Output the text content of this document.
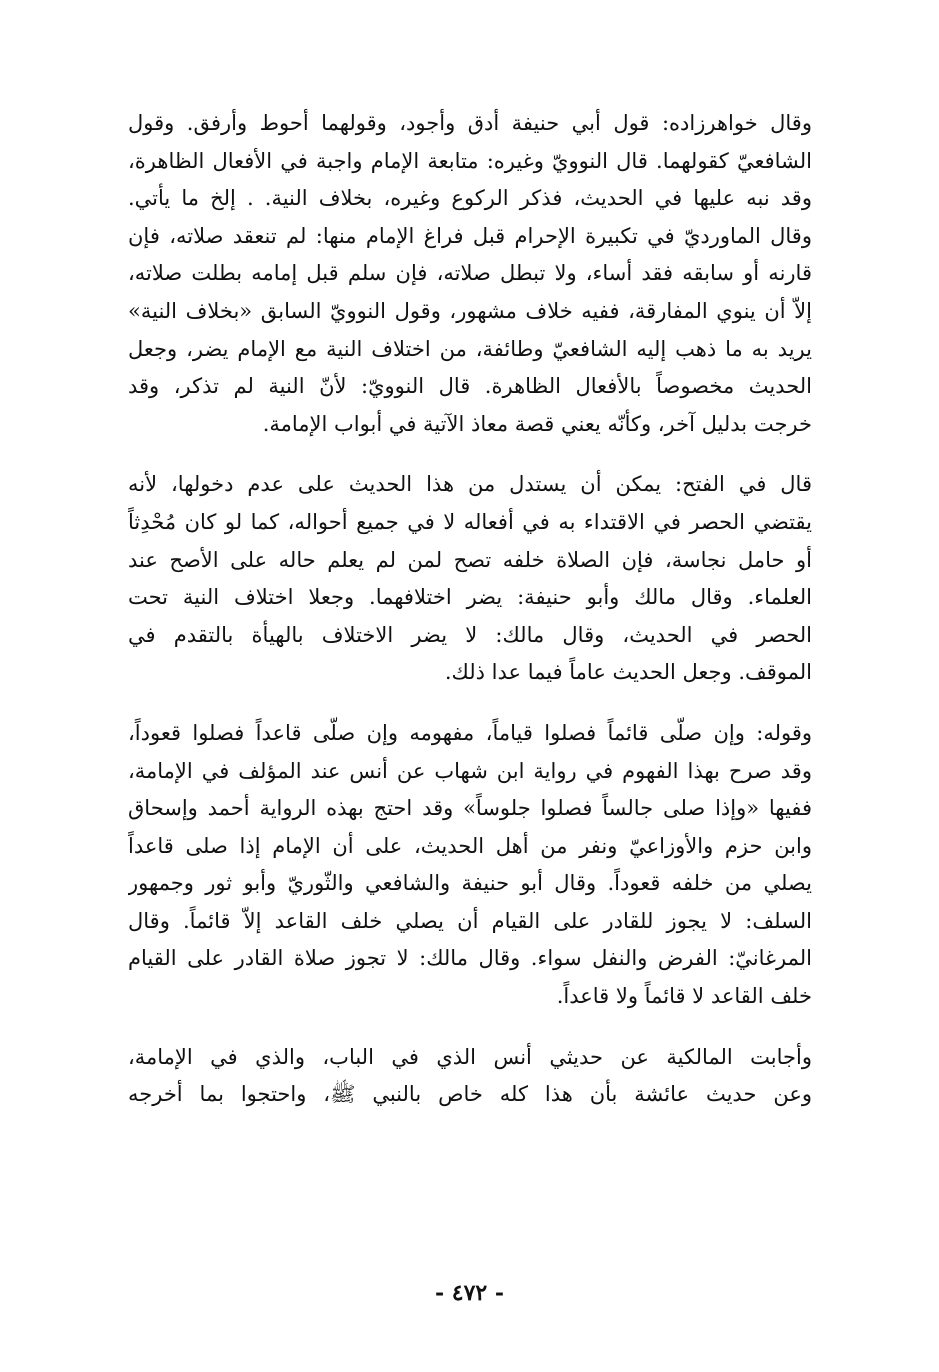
وقال خواهرزاده: قول أبي حنيفة أدق وأجود، وقولهما أحوط وأرفق. وقول
الشافعيّ كقولهما. قال النوويّ وغيره: متابعة الإمام واجبة في الأفعال الظاهرة،
وقد نبه عليها في الحديث، فذكر الركوع وغيره، بخلاف النية. . إلخ ما يأتي.
وقال الماورديّ في تكبيرة الإحرام قبل فراغ الإمام منها: لم تنعقد صلاته، فإن
قارنه أو سابقه فقد أساء، ولا تبطل صلاته، فإن سلم قبل إمامه بطلت صلاته،
إلاّ أن ينوي المفارقة، ففيه خلاف مشهور، وقول النوويّ السابق «بخلاف النية»
يريد به ما ذهب إليه الشافعيّ وطائفة، من اختلاف النية مع الإمام يضر، وجعل
الحديث مخصوصاً بالأفعال الظاهرة. قال النوويّ: لأنّ النية لم تذكر، وقد
خرجت بدليل آخر، وكأنّه يعني قصة معاذ الآتية في أبواب الإمامة.
قال في الفتح: يمكن أن يستدل من هذا الحديث على عدم دخولها، لأنه
يقتضي الحصر في الاقتداء به في أفعاله لا في جميع أحواله، كما لو كان مُحْدِثاً
أو حامل نجاسة، فإن الصلاة خلفه تصح لمن لم يعلم حاله على الأصح عند
العلماء. وقال مالك وأبو حنيفة: يضر اختلافهما. وجعلا اختلاف النية تحت
الحصر في الحديث، وقال مالك: لا يضر الاختلاف بالهيأة بالتقدم في
الموقف. وجعل الحديث عاماً فيما عدا ذلك.
وقوله: وإن صلّى قائماً فصلوا قياماً، مفهومه وإن صلّى قاعداً فصلوا قعوداً،
وقد صرح بهذا الفهوم في رواية ابن شهاب عن أنس عند المؤلف في الإمامة،
ففيها «وإذا صلى جالساً فصلوا جلوساً» وقد احتج بهذه الرواية أحمد وإسحاق
وابن حزم والأوزاعيّ ونفر من أهل الحديث، على أن الإمام إذا صلى قاعداً
يصلي من خلفه قعوداً. وقال أبو حنيفة والشافعي والثّوريّ وأبو ثور وجمهور
السلف: لا يجوز للقادر على القيام أن يصلي خلف القاعد إلاّ قائماً. وقال
المرغانيّ: الفرض والنفل سواء. وقال مالك: لا تجوز صلاة القادر على القيام
خلف القاعد لا قائماً ولا قاعداً.
وأجابت المالكية عن حديثي أنس الذي في الباب، والذي في الإمامة،
وعن حديث عائشة بأن هذا كله خاص بالنبي ﷺ، واحتجوا بما أخرجه
- ٤٧٢ -
